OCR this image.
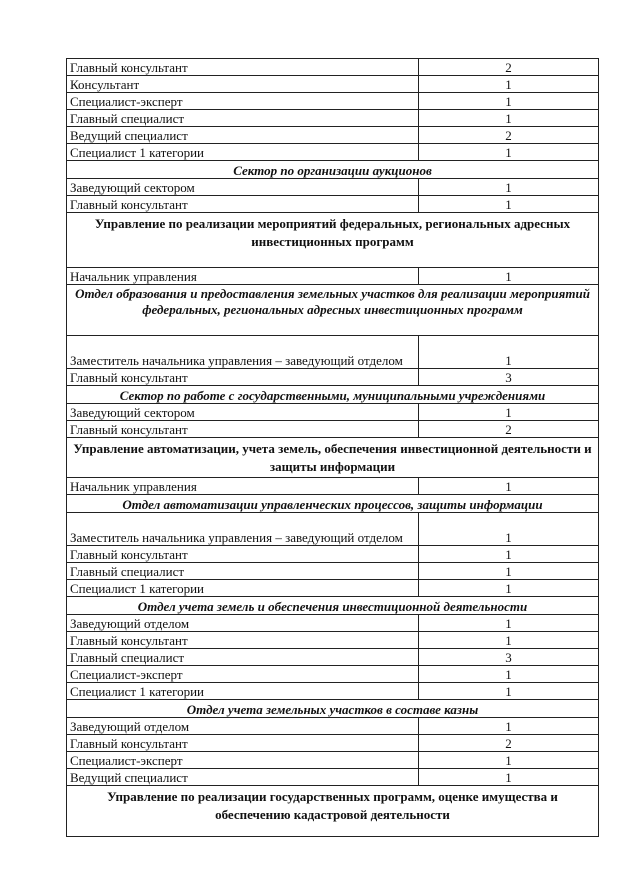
Главный консультант	2
Консультант	1
Специалист-эксперт	1
Главный специалист	1
Ведущий специалист	2
Специалист 1 категории	1
Сектор по организации аукционов	
Заведующий сектором	1
Главный консультант	1
Управление по реализации мероприятий федеральных, региональных адресных инвестиционных программ	
Начальник управления	1
Отдел образования и предоставления земельных участков для реализации мероприятий федеральных, региональных адресных инвестиционных программ	
Заместитель начальника управления – заведующий отделом	1
Главный консультант	3
Сектор по работе с государственными, муниципальными учреждениями	
Заведующий сектором	1
Главный консультант	2
Управление автоматизации, учета земель, обеспечения инвестиционной деятельности и защиты информации	
Начальник управления	1
Отдел автоматизации управленческих процессов, защиты информации	
Заместитель начальника управления – заведующий отделом	1
Главный консультант	1
Главный специалист	1
Специалист 1 категории	1
Отдел учета земель и обеспечения инвестиционной деятельности	
Заведующий отделом	1
Главный консультант	1
Главный специалист	3
Специалист-эксперт	1
Специалист 1 категории	1
Отдел учета земельных участков в составе казны	
Заведующий отделом	1
Главный консультант	2
Специалист-эксперт	1
Ведущий специалист	1
Управление по реализации государственных программ, оценке имущества и обеспечению кадастровой деятельности	
